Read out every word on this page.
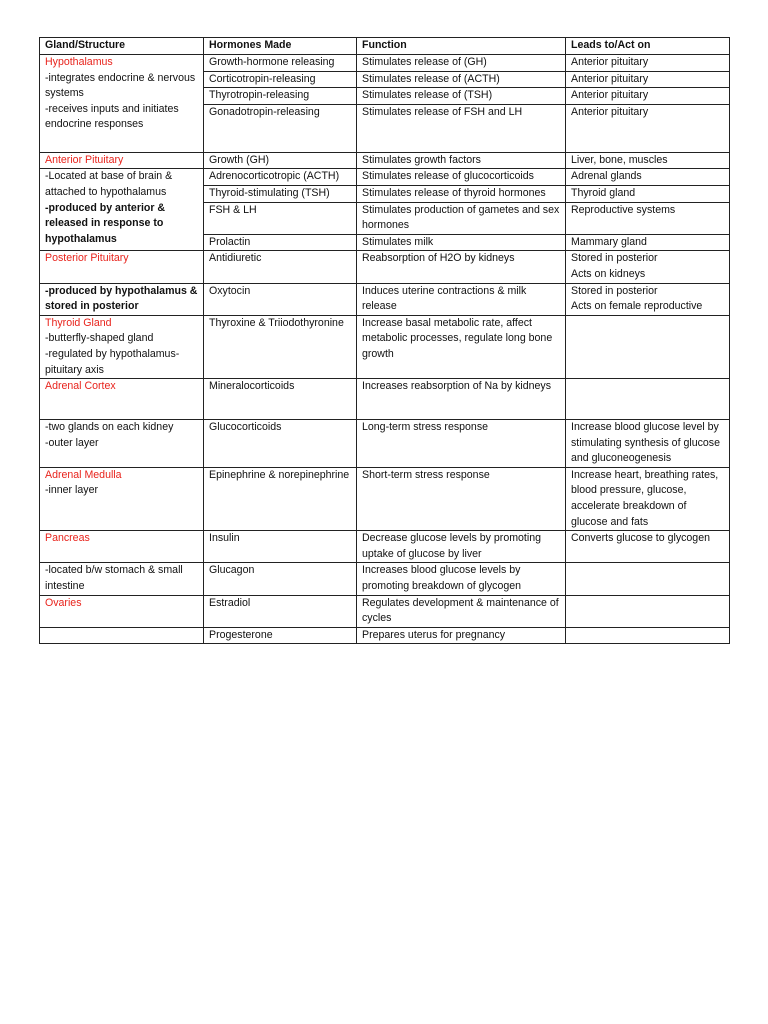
Gland/Structure	Hormones Made	Function	Leads to/Act on

Hypothalamus
-integrates endocrine & nervous systems
-receives inputs and initiates endocrine responses	Growth-hormone releasing	Stimulates release of (GH)	Anterior pituitary
	Corticotropin-releasing	Stimulates release of (ACTH)	Anterior pituitary
	Thyrotropin-releasing	Stimulates release of (TSH)	Anterior pituitary
	Gonadotropin-releasing	Stimulates release of FSH and LH	Anterior pituitary

Anterior Pituitary	Growth (GH)	Stimulates growth factors	Liver, bone, muscles

-Located at base of brain & attached to hypothalamus
-produced by anterior & released in response to hypothalamus	Adrenocorticotropic (ACTH)	Stimulates release of glucocorticoids	Adrenal glands
	Thyroid-stimulating (TSH)	Stimulates release of thyroid hormones	Thyroid gland
	FSH & LH	Stimulates production of gametes and sex hormones	Reproductive systems
	Prolactin	Stimulates milk	Mammary gland

Posterior Pituitary	Antidiuretic	Reabsorption of H2O by kidneys	Stored in posterior
Acts on kidneys

-produced by hypothalamus & stored in posterior	Oxytocin	Induces uterine contractions & milk release	Stored in posterior
Acts on female reproductive

Thyroid Gland
-butterfly-shaped gland
-regulated by hypothalamus-pituitary axis	Thyroxine & Triiodothyronine	Increase basal metabolic rate, affect metabolic processes, regulate long bone growth	

Adrenal Cortex	Mineralocorticoids	Increases reabsorption of Na by kidneys	

-two glands on each kidney
-outer layer	Glucocorticoids	Long-term stress response	Increase blood glucose level by stimulating synthesis of glucose and gluconeogenesis

Adrenal Medulla
-inner layer	Epinephrine & norepinephrine	Short-term stress response	Increase heart, breathing rates, blood pressure, glucose, accelerate breakdown of glucose and fats

Pancreas	Insulin	Decrease glucose levels by promoting uptake of glucose by liver	Converts glucose to glycogen
-located b/w stomach & small intestine	Glucagon	Increases blood glucose levels by promoting breakdown of glycogen	

Ovaries	Estradiol	Regulates development & maintenance of cycles	
	Progesterone	Prepares uterus for pregnancy	
